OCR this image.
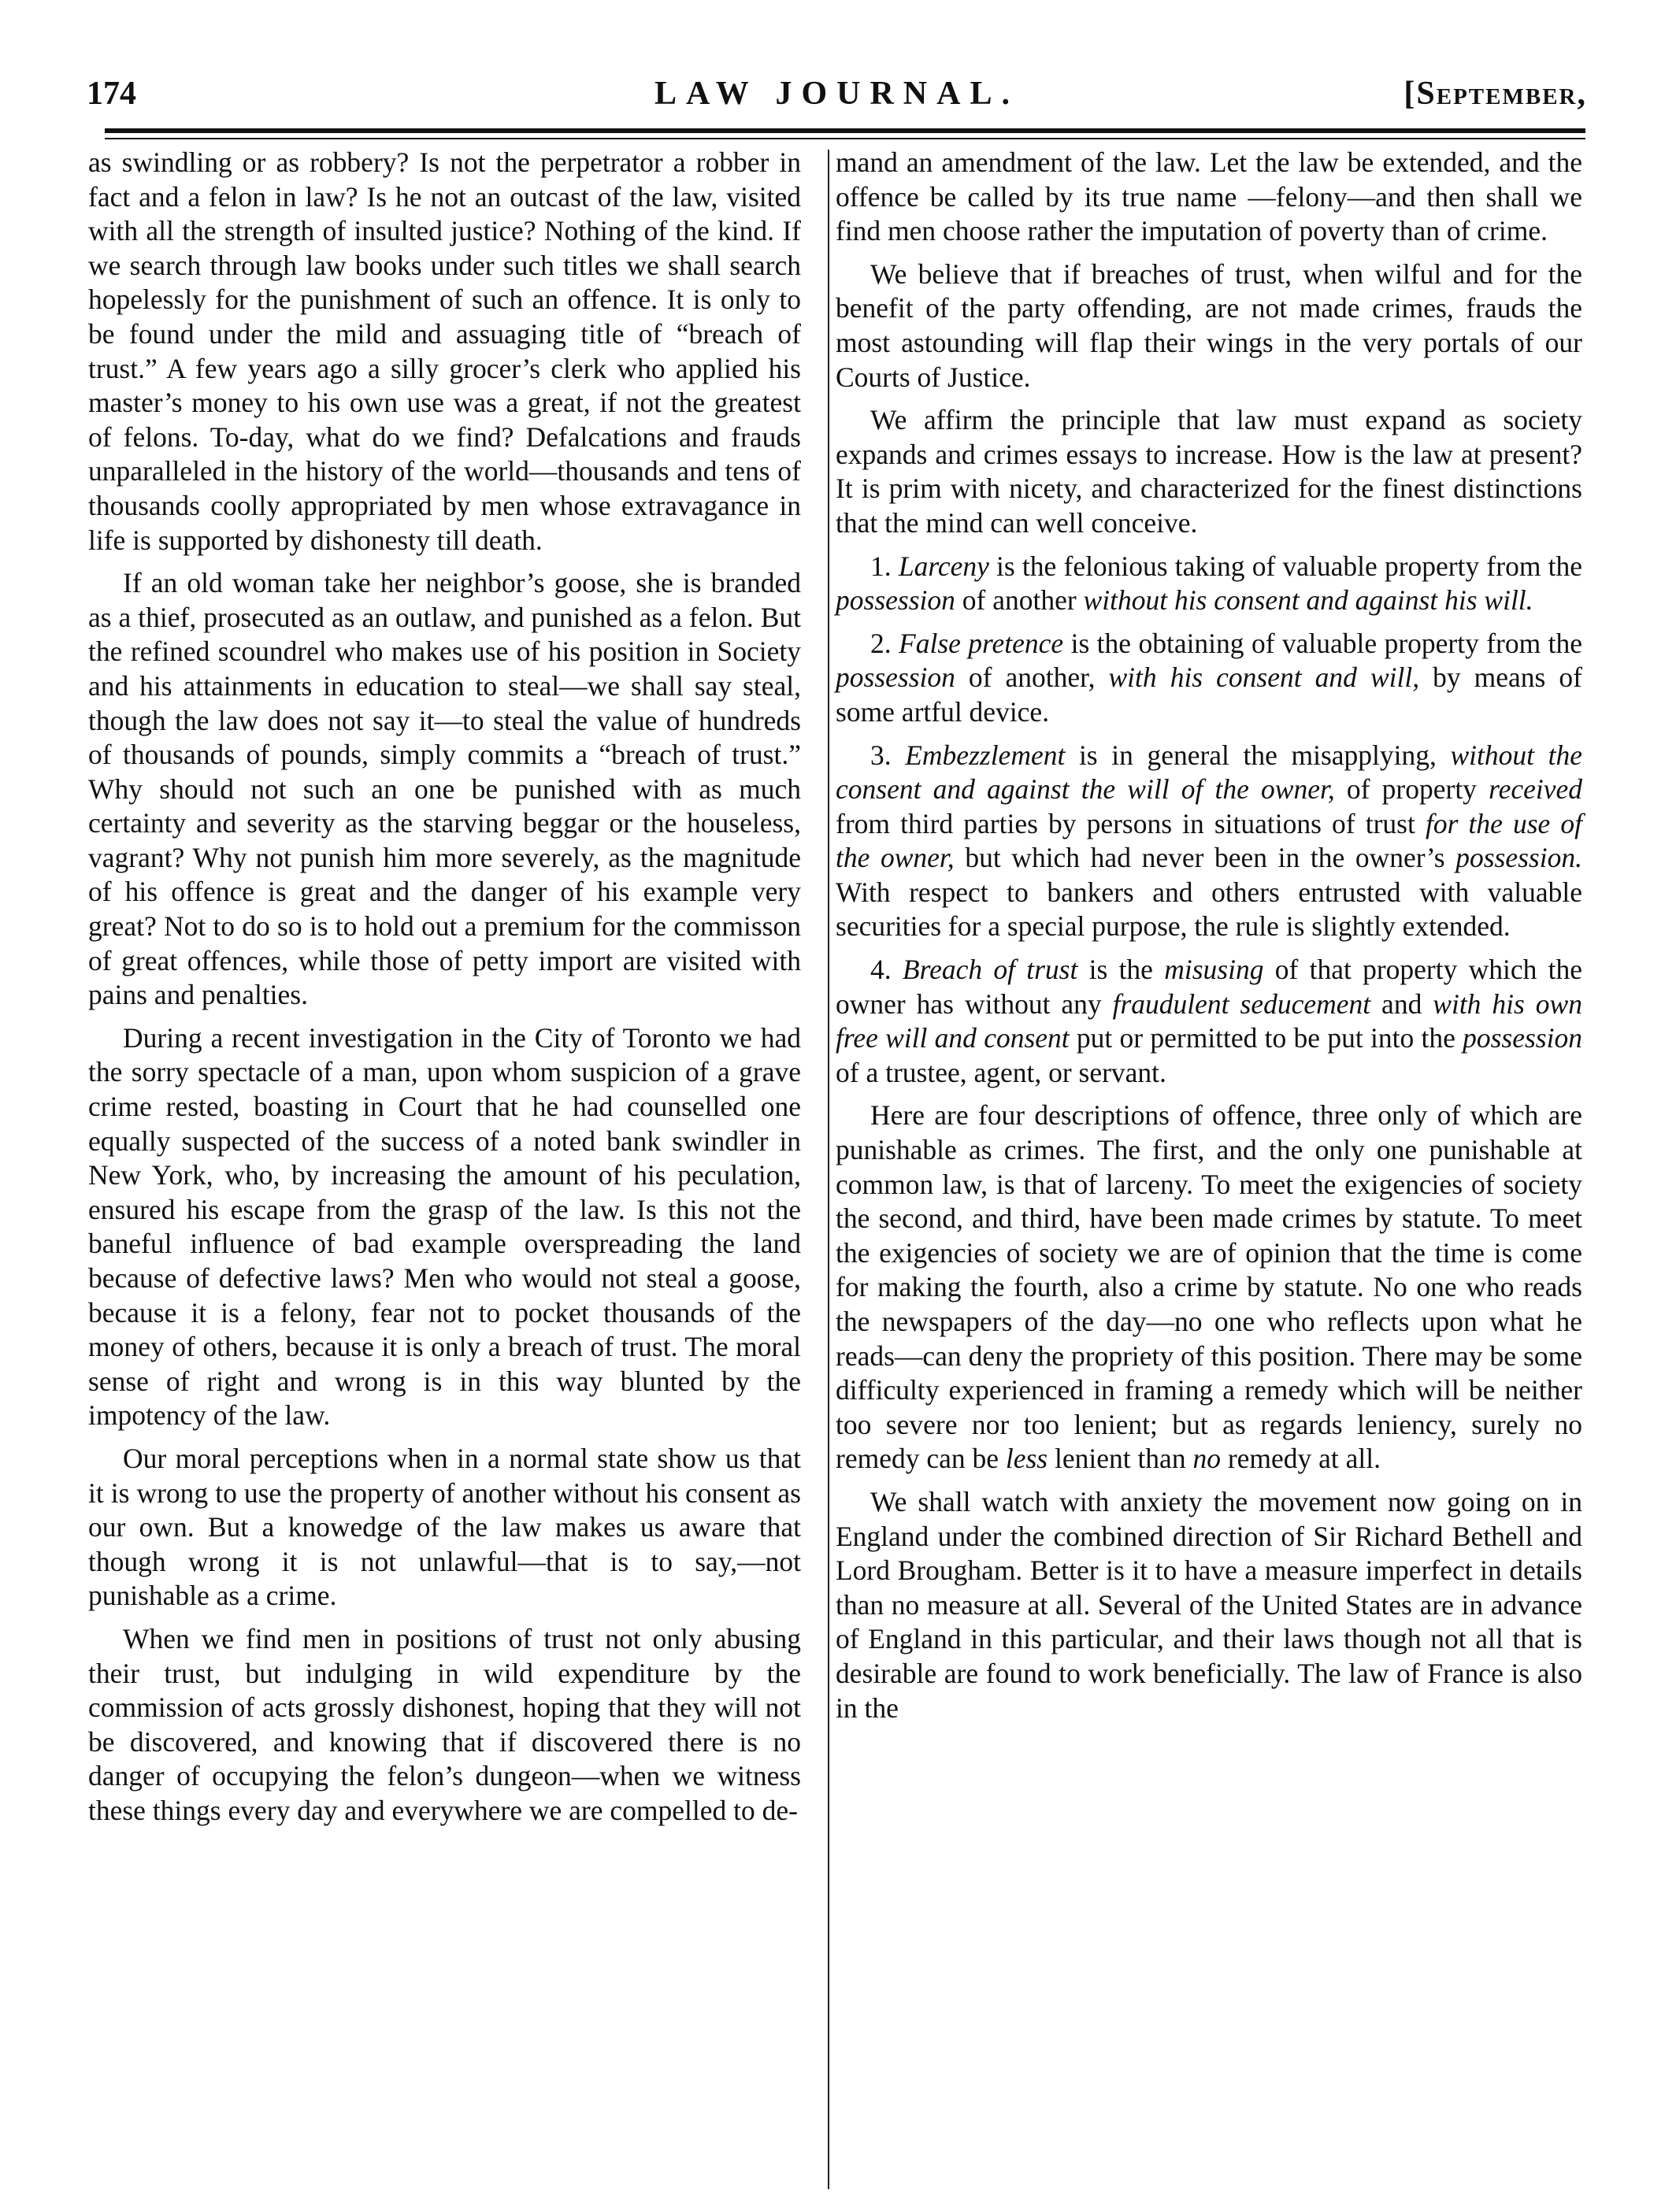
174	LAW JOURNAL.	[September,

as swindling or as robbery? Is not the perpetrator a robber in fact and a felon in law? Is he not an outcast of the law, visited with all the strength of insulted justice? Nothing of the kind. If we search through law books under such titles we shall search hopelessly for the punishment of such an offence. It is only to be found under the mild and assuaging title of “breach of trust.” A few years ago a silly grocer’s clerk who applied his master’s money to his own use was a great, if not the greatest of felons. To-day, what do we find? Defalcations and frauds unparalleled in the history of the world—thousands and tens of thousands coolly appropriated by men whose extravagance in life is supported by dishonesty till death.

If an old woman take her neighbor’s goose, she is branded as a thief, prosecuted as an outlaw, and punished as a felon. But the refined scoundrel who makes use of his position in Society and his attainments in education to steal—we shall say steal, though the law does not say it—to steal the value of hundreds of thousands of pounds, simply commits a “breach of trust.” Why should not such an one be punished with as much certainty and severity as the starving beggar or the houseless, vagrant? Why not punish him more severely, as the magnitude of his offence is great and the danger of his example very great? Not to do so is to hold out a premium for the commisson of great offences, while those of petty import are visited with pains and penalties.

During a recent investigation in the City of Toronto we had the sorry spectacle of a man, upon whom suspicion of a grave crime rested, boasting in Court that he had counselled one equally suspected of the success of a noted bank swindler in New York, who, by increasing the amount of his peculation, ensured his escape from the grasp of the law. Is this not the baneful influence of bad example overspreading the land because of defective laws? Men who would not steal a goose, because it is a felony, fear not to pocket thousands of the money of others, because it is only a breach of trust. The moral sense of right and wrong is in this way blunted by the impotency of the law.

Our moral perceptions when in a normal state show us that it is wrong to use the property of another without his consent as our own. But a knowedge of the law makes us aware that though wrong it is not unlawful—that is to say,—not punishable as a crime.

When we find men in positions of trust not only abusing their trust, but indulging in wild expenditure by the commission of acts grossly dishonest, hoping that they will not be discovered, and knowing that if discovered there is no danger of occupying the felon’s dungeon—when we witness these things every day and everywhere we are compelled to de-

mand an amendment of the law. Let the law be extended, and the offence be called by its true name —felony—and then shall we find men choose rather the imputation of poverty than of crime.

We believe that if breaches of trust, when wilful and for the benefit of the party offending, are not made crimes, frauds the most astounding will flap their wings in the very portals of our Courts of Justice.

We affirm the principle that law must expand as society expands and crimes essays to increase. How is the law at present? It is prim with nicety, and characterized for the finest distinctions that the mind can well conceive.

1. Larceny is the felonious taking of valuable property from the possession of another without his consent and against his will.

2. False pretence is the obtaining of valuable property from the possession of another, with his consent and will, by means of some artful device.

3. Embezzlement is in general the misapplying, without the consent and against the will of the owner, of property received from third parties by persons in situations of trust for the use of the owner, but which had never been in the owner’s possession. With respect to bankers and others entrusted with valuable securities for a special purpose, the rule is slightly extended.

4. Breach of trust is the misusing of that property which the owner has without any fraudulent seducement and with his own free will and consent put or permitted to be put into the possession of a trustee, agent, or servant.

Here are four descriptions of offence, three only of which are punishable as crimes. The first, and the only one punishable at common law, is that of larceny. To meet the exigencies of society the second, and third, have been made crimes by statute. To meet the exigencies of society we are of opinion that the time is come for making the fourth, also a crime by statute. No one who reads the newspapers of the day—no one who reflects upon what he reads—can deny the propriety of this position. There may be some difficulty experienced in framing a remedy which will be neither too severe nor too lenient; but as regards leniency, surely no remedy can be less lenient than no remedy at all.

We shall watch with anxiety the movement now going on in England under the combined direction of Sir Richard Bethell and Lord Brougham. Better is it to have a measure imperfect in details than no measure at all. Several of the United States are in advance of England in this particular, and their laws though not all that is desirable are found to work beneficially. The law of France is also in the
